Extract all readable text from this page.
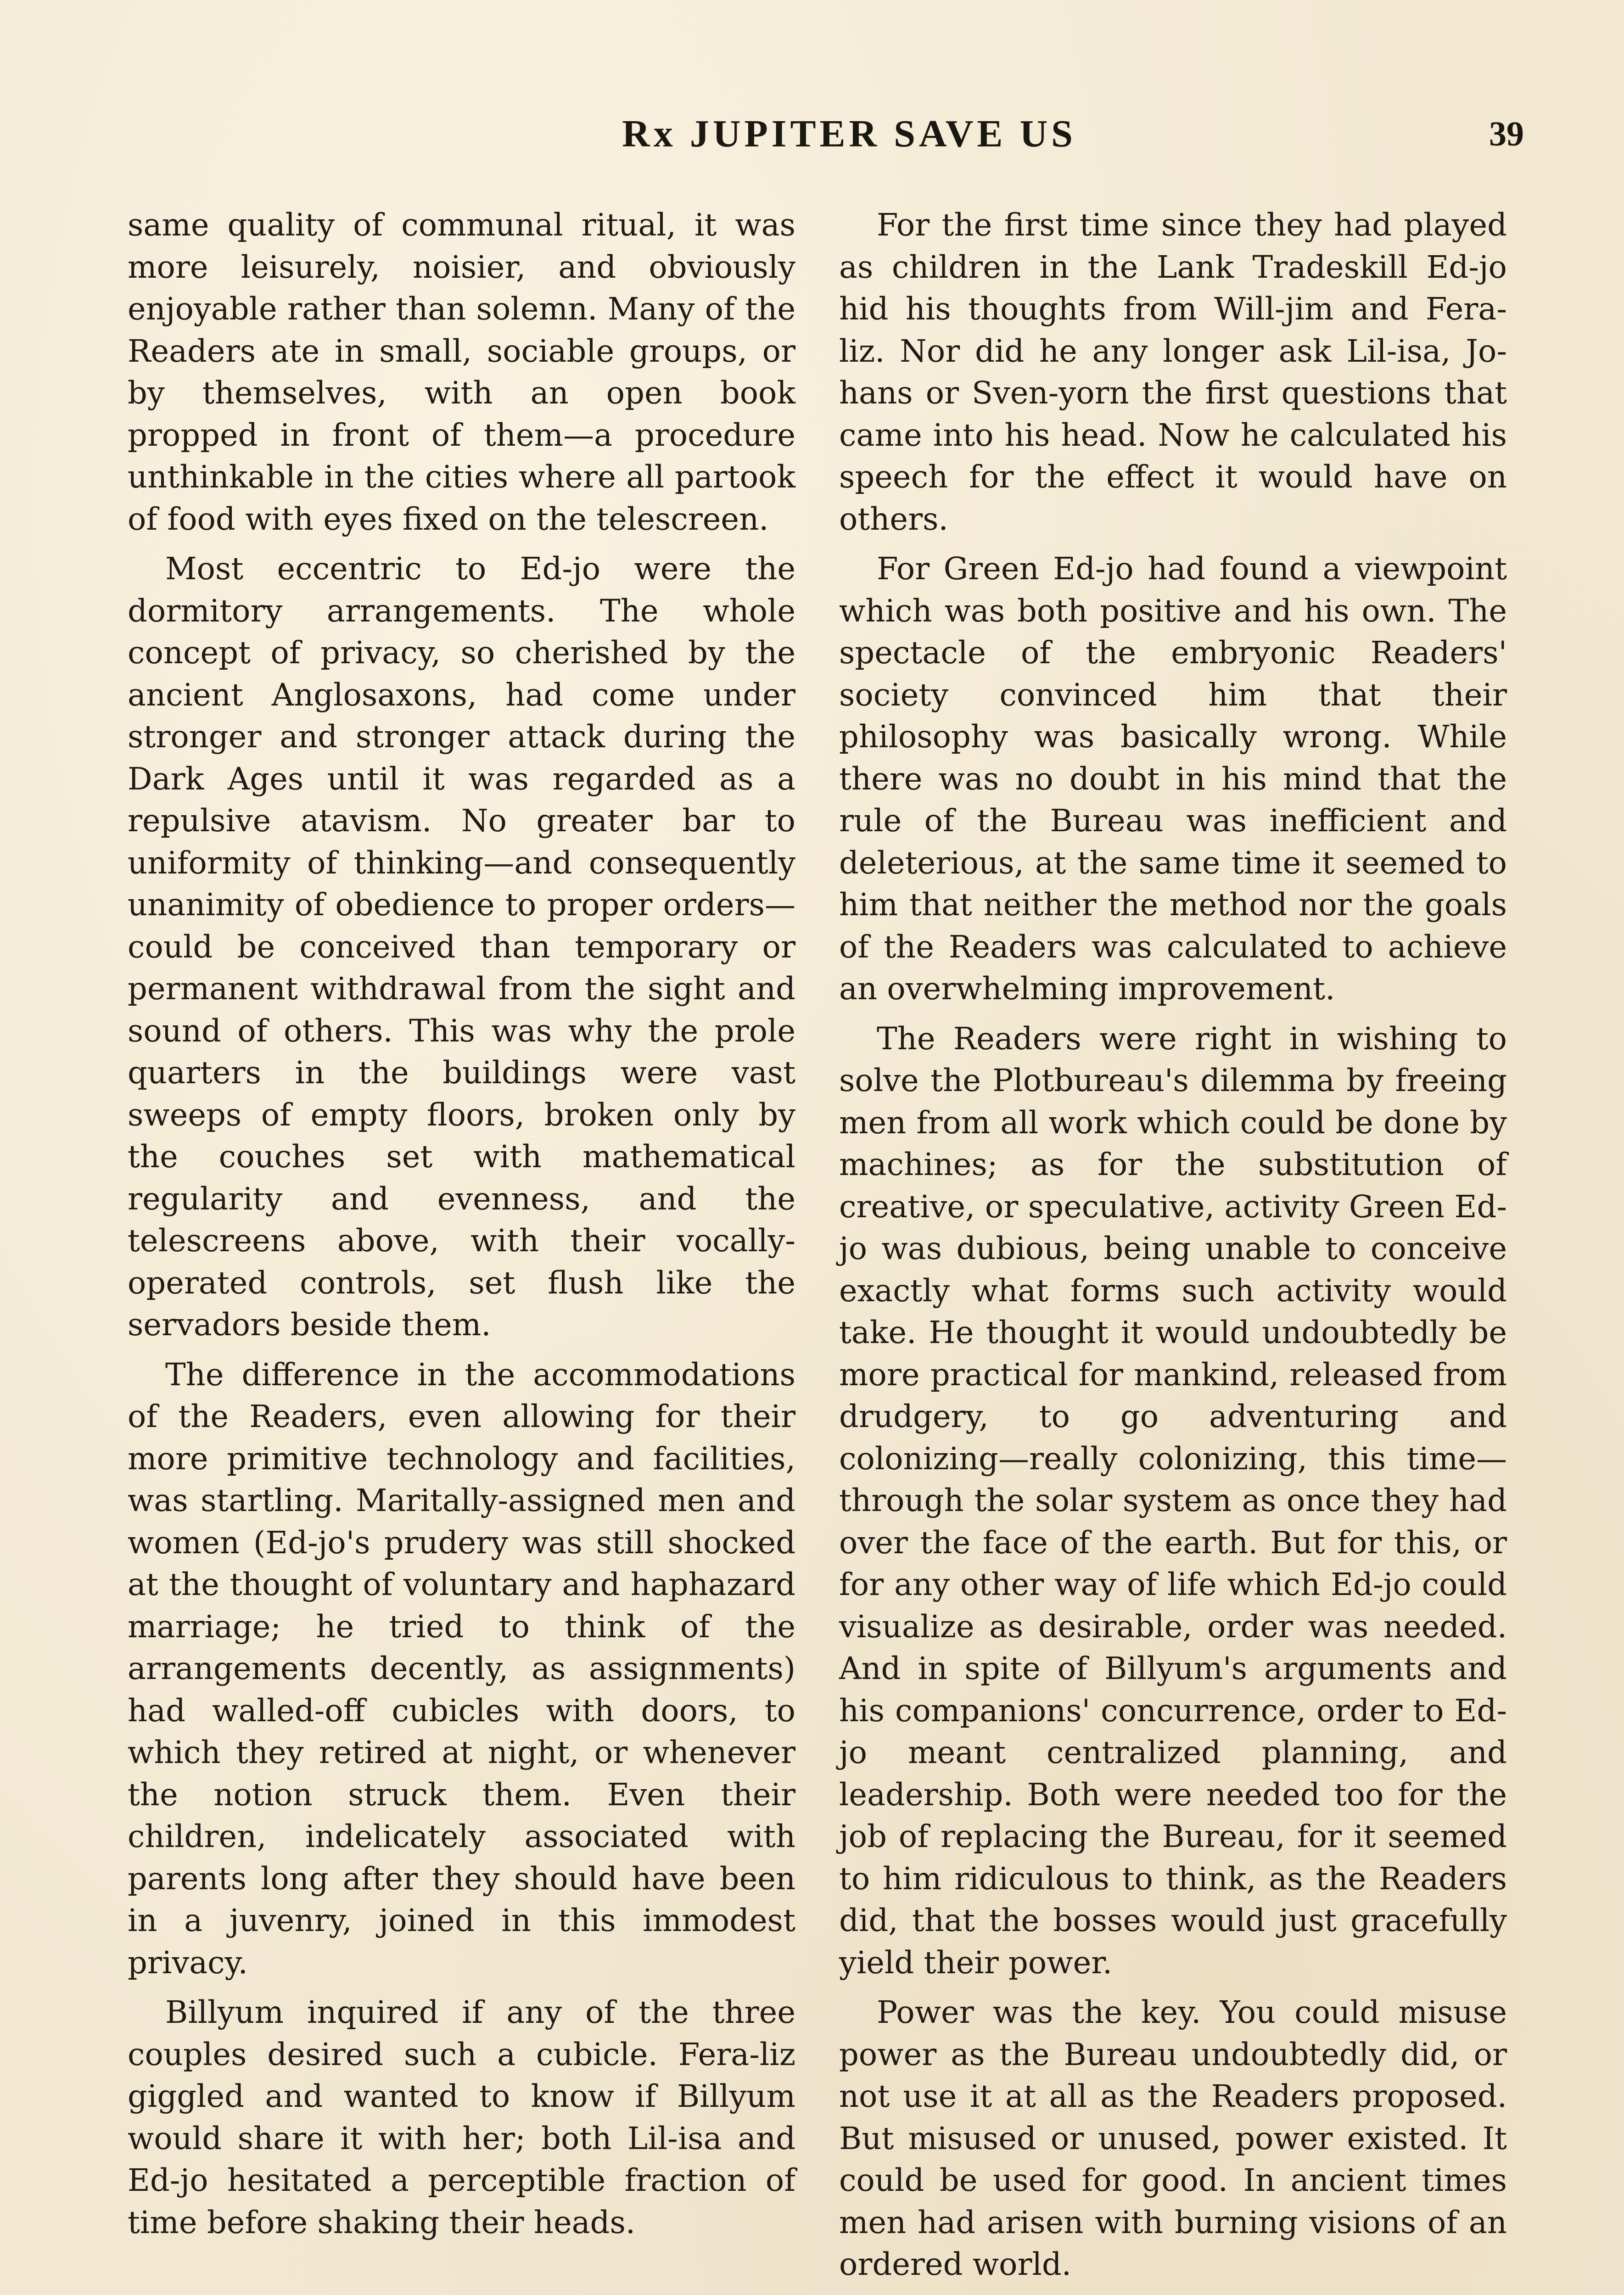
Rx JUPITER SAVE US	39

same quality of communal ritual, it was more leisurely, noisier, and obviously enjoyable rather than solemn. Many of the Readers ate in small, sociable groups, or by themselves, with an open book propped in front of them—a procedure unthinkable in the cities where all partook of food with eyes fixed on the telescreen.

Most eccentric to Ed-jo were the dormitory arrangements. The whole concept of privacy, so cherished by the ancient Anglosaxons, had come under stronger and stronger attack during the Dark Ages until it was regarded as a repulsive atavism. No greater bar to uniformity of thinking—and consequently unanimity of obedience to proper orders—could be conceived than temporary or permanent withdrawal from the sight and sound of others. This was why the prole quarters in the buildings were vast sweeps of empty floors, broken only by the couches set with mathematical regularity and evenness, and the telescreens above, with their vocally-operated controls, set flush like the servadors beside them.

The difference in the accommodations of the Readers, even allowing for their more primitive technology and facilities, was startling. Maritally-assigned men and women (Ed-jo's prudery was still shocked at the thought of voluntary and haphazard marriage; he tried to think of the arrangements decently, as assignments) had walled-off cubicles with doors, to which they retired at night, or whenever the notion struck them. Even their children, indelicately associated with parents long after they should have been in a juvenry, joined in this immodest privacy.

Billyum inquired if any of the three couples desired such a cubicle. Fera-liz giggled and wanted to know if Billyum would share it with her; both Lil-isa and Ed-jo hesitated a perceptible fraction of time before shaking their heads.

For the first time since they had played as children in the Lank Tradeskill Ed-jo hid his thoughts from Will-jim and Fera-liz. Nor did he any longer ask Lil-isa, Jo-hans or Sven-yorn the first questions that came into his head. Now he calculated his speech for the effect it would have on others.

For Green Ed-jo had found a viewpoint which was both positive and his own. The spectacle of the embryonic Readers' society convinced him that their philosophy was basically wrong. While there was no doubt in his mind that the rule of the Bureau was inefficient and deleterious, at the same time it seemed to him that neither the method nor the goals of the Readers was calculated to achieve an overwhelming improvement.

The Readers were right in wishing to solve the Plotbureau's dilemma by freeing men from all work which could be done by machines; as for the substitution of creative, or speculative, activity Green Ed-jo was dubious, being unable to conceive exactly what forms such activity would take. He thought it would undoubtedly be more practical for mankind, released from drudgery, to go adventuring and colonizing—really colonizing, this time—through the solar system as once they had over the face of the earth. But for this, or for any other way of life which Ed-jo could visualize as desirable, order was needed. And in spite of Billyum's arguments and his companions' concurrence, order to Ed-jo meant centralized planning, and leadership. Both were needed too for the job of replacing the Bureau, for it seemed to him ridiculous to think, as the Readers did, that the bosses would just gracefully yield their power.

Power was the key. You could misuse power as the Bureau undoubtedly did, or not use it at all as the Readers proposed. But misused or unused, power existed. It could be used for good. In ancient times men had arisen with burning visions of an ordered world.
